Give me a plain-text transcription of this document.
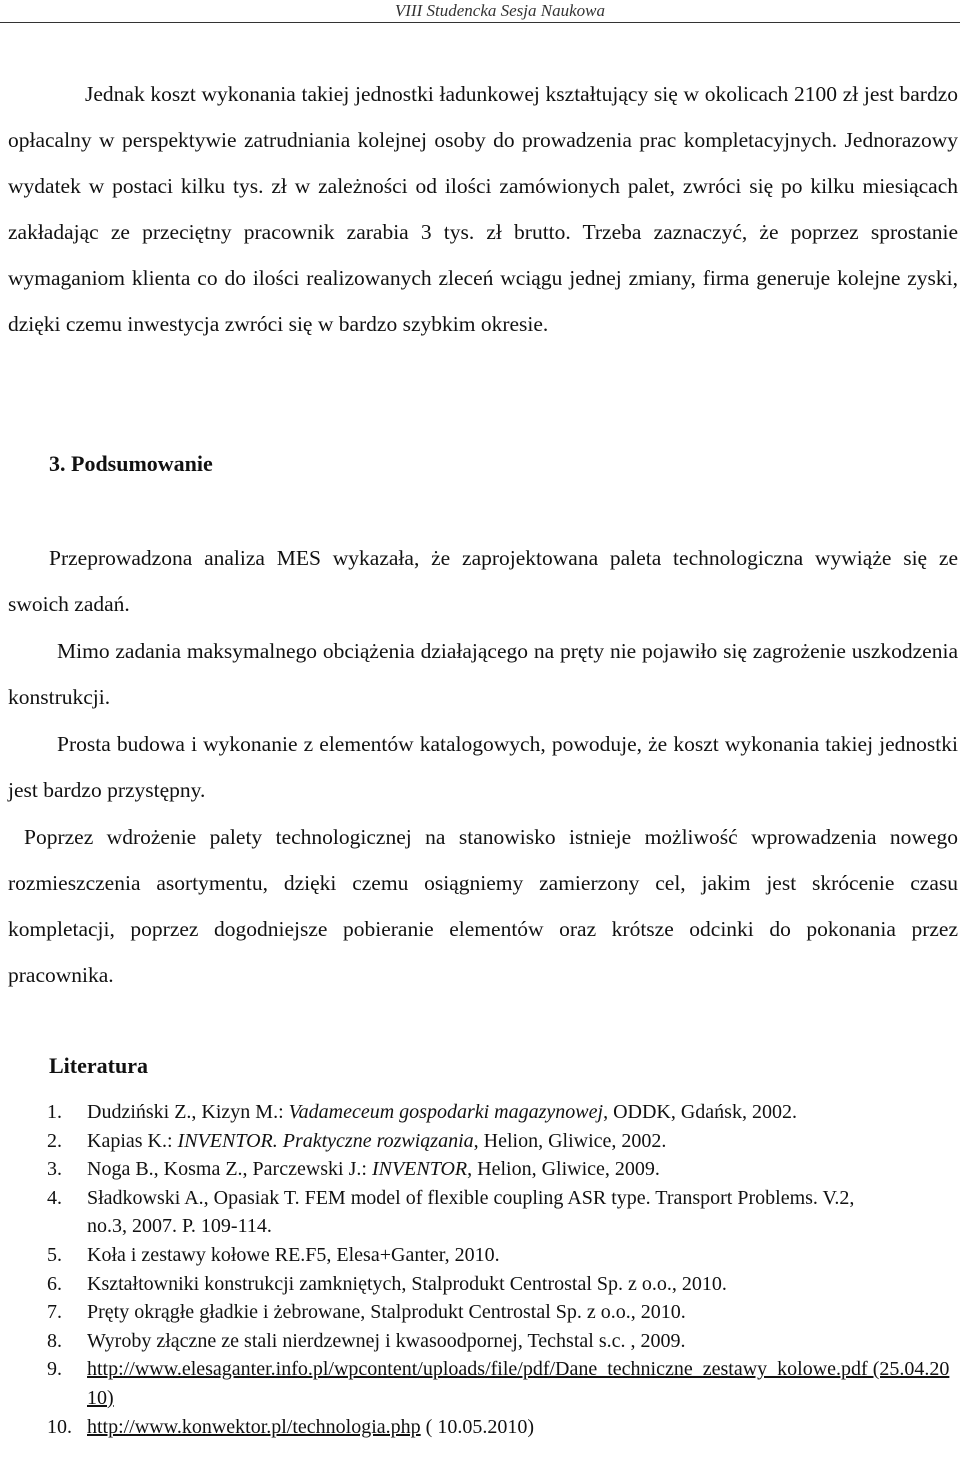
VIII Studencka Sesja Naukowa

Jednak koszt wykonania takiej jednostki ładunkowej kształtujący się w okolicach 2100 zł jest bardzo opłacalny w perspektywie zatrudniania kolejnej osoby do prowadzenia prac kompletacyjnych. Jednorazowy wydatek w postaci kilku tys. zł w zależności od ilości zamówionych palet, zwróci się po kilku miesiącach zakładając ze przeciętny pracownik zarabia 3 tys. zł brutto. Trzeba zaznaczyć, że poprzez sprostanie wymaganiom klienta co do ilości realizowanych zleceń wciągu jednej zmiany, firma generuje kolejne zyski, dzięki czemu inwestycja zwróci się w bardzo szybkim okresie.

3. Podsumowanie

Przeprowadzona analiza MES wykazała, że zaprojektowana paleta technologiczna wywiąże się ze swoich zadań.

Mimo zadania maksymalnego obciążenia działającego na pręty nie pojawiło się zagrożenie uszkodzenia konstrukcji.

Prosta budowa i wykonanie z elementów katalogowych, powoduje, że koszt wykonania takiej jednostki jest bardzo przystępny.

Poprzez wdrożenie palety technologicznej na stanowisko istnieje możliwość wprowadzenia nowego rozmieszczenia asortymentu, dzięki czemu osiągniemy zamierzony cel, jakim jest skrócenie czasu kompletacji, poprzez dogodniejsze pobieranie elementów oraz krótsze odcinki do pokonania przez pracownika.

Literatura
1. Dudziński Z., Kizyn M.: Vadameceum gospodarki magazynowej, ODDK, Gdańsk, 2002.
2. Kapias K.: INVENTOR. Praktyczne rozwiązania, Helion, Gliwice, 2002.
3. Noga B., Kosma Z., Parczewski J.: INVENTOR, Helion, Gliwice, 2009.
4. Sładkowski A., Opasiak T. FEM model of flexible coupling ASR type. Transport Problems. V.2, no.3, 2007. P. 109-114.
5. Koła i zestawy kołowe RE.F5, Elesa+Ganter, 2010.
6. Kształtowniki konstrukcji zamkniętych, Stalprodukt Centrostal Sp. z o.o., 2010.
7. Pręty okrągłe gładkie i żebrowane, Stalprodukt Centrostal Sp. z o.o., 2010.
8. Wyroby złączne ze stali nierdzewnej i kwasoodpornej, Techstal s.c. , 2009.
9. http://www.elesaganter.info.pl/wpcontent/uploads/file/pdf/Dane_techniczne_zestawy_kolowe.pdf (25.04.2010)
10. http://www.konwektor.pl/technologia.php ( 10.05.2010)
